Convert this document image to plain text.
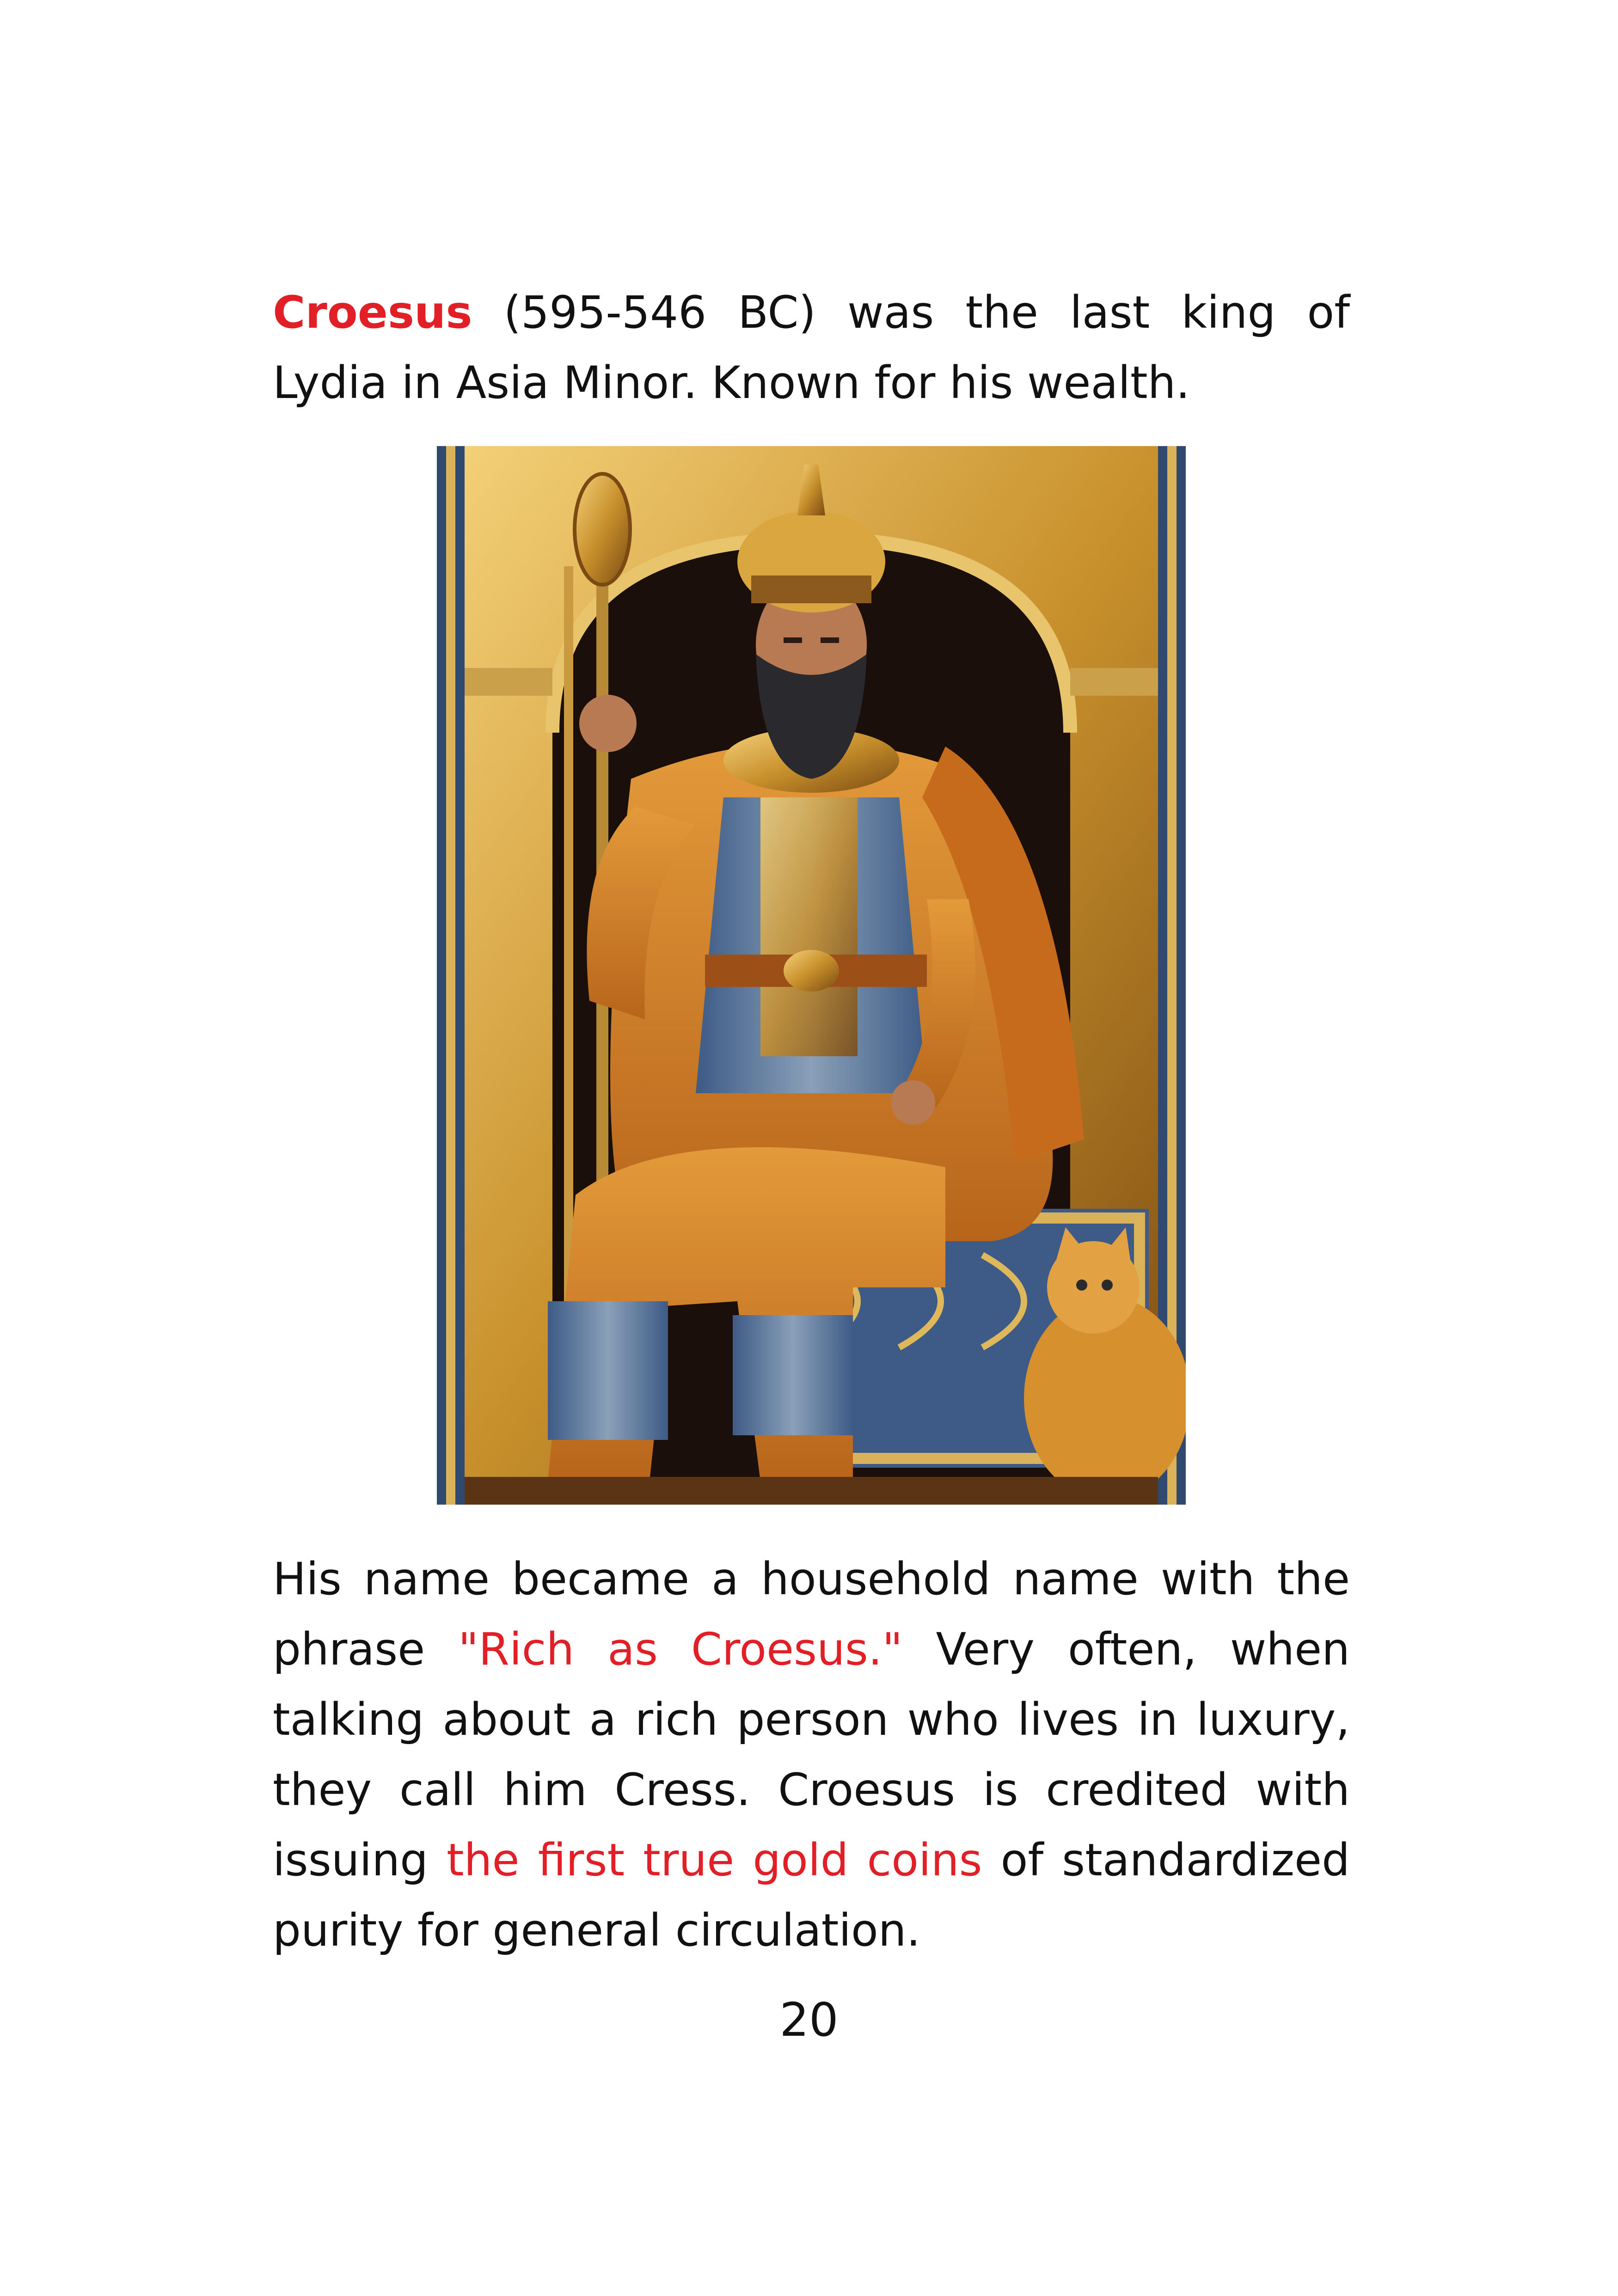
Croesus (595-546 BC) was the last king of Lydia in Asia Minor. Known for his wealth.

His name became a household name with the phrase "Rich as Croesus." Very often, when talking about a rich person who lives in luxury, they call him Cress. Croesus is credited with issuing the first true gold coins of standardized purity for general circulation.

20
